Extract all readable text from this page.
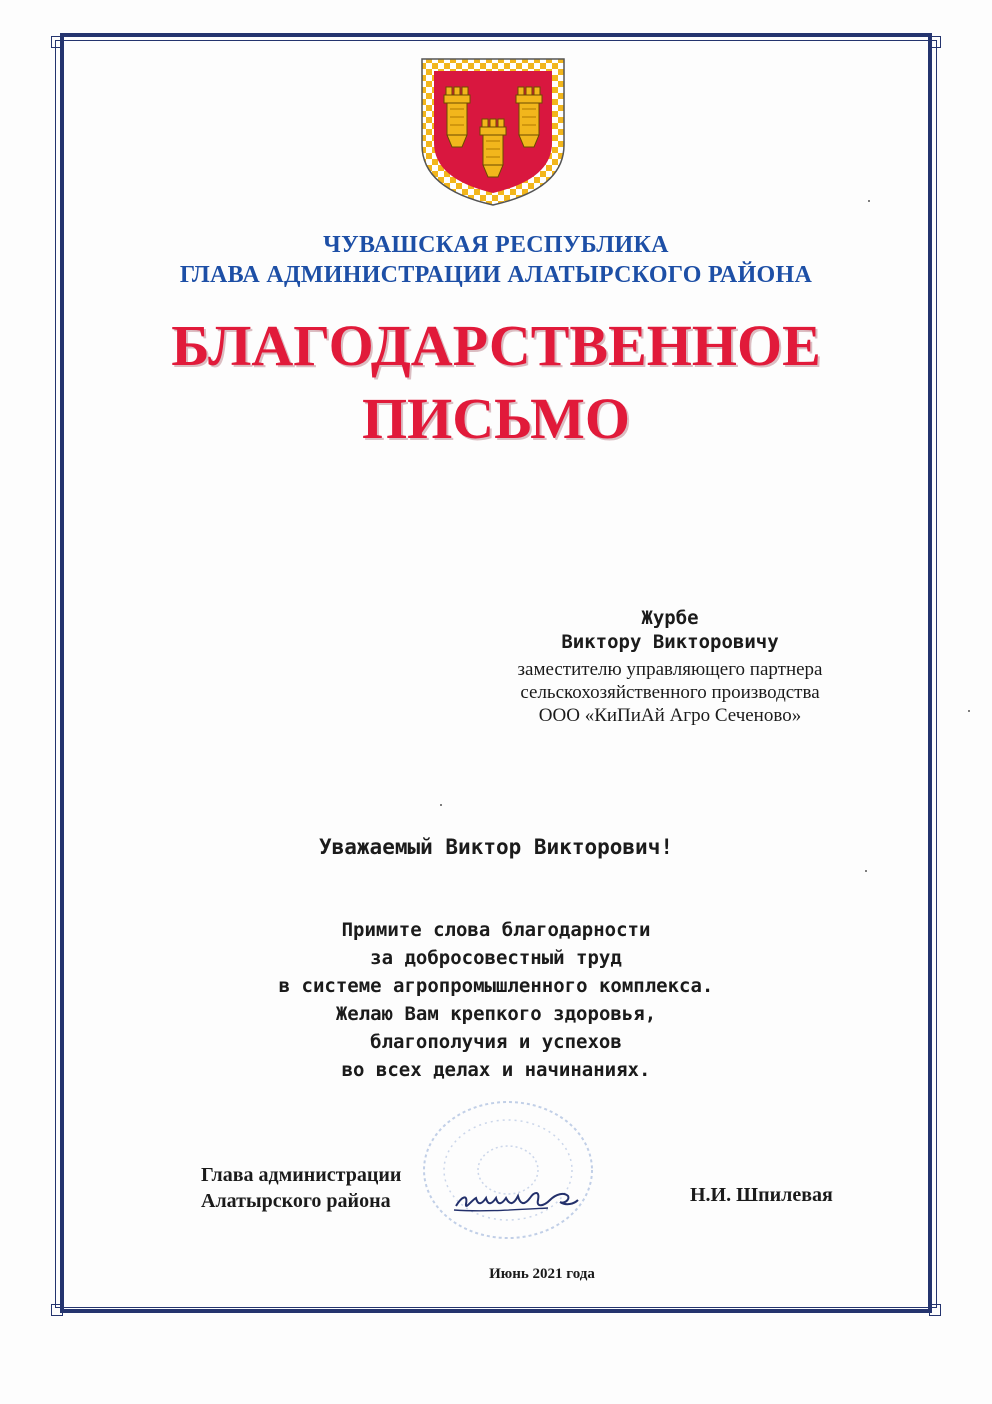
ЧУВАШСКАЯ РЕСПУБЛИКА
ГЛАВА АДМИНИСТРАЦИИ АЛАТЫРСКОГО РАЙОНА
БЛАГОДАРСТВЕННОЕ
ПИСЬМО
Журбе
Виктору Викторовичу
заместителю управляющего партнера
сельскохозяйственного производства
ООО «КиПиАй Агро Сеченово»
Уважаемый Виктор Викторович!
Примите слова благодарности
за добросовестный труд
в системе агропромышленного комплекса.
Желаю Вам крепкого здоровья,
благополучия и успехов
во всех делах и начинаниях.
Глава администрации
Алатырского района	Н.И. Шпилевая
Июнь 2021 года
